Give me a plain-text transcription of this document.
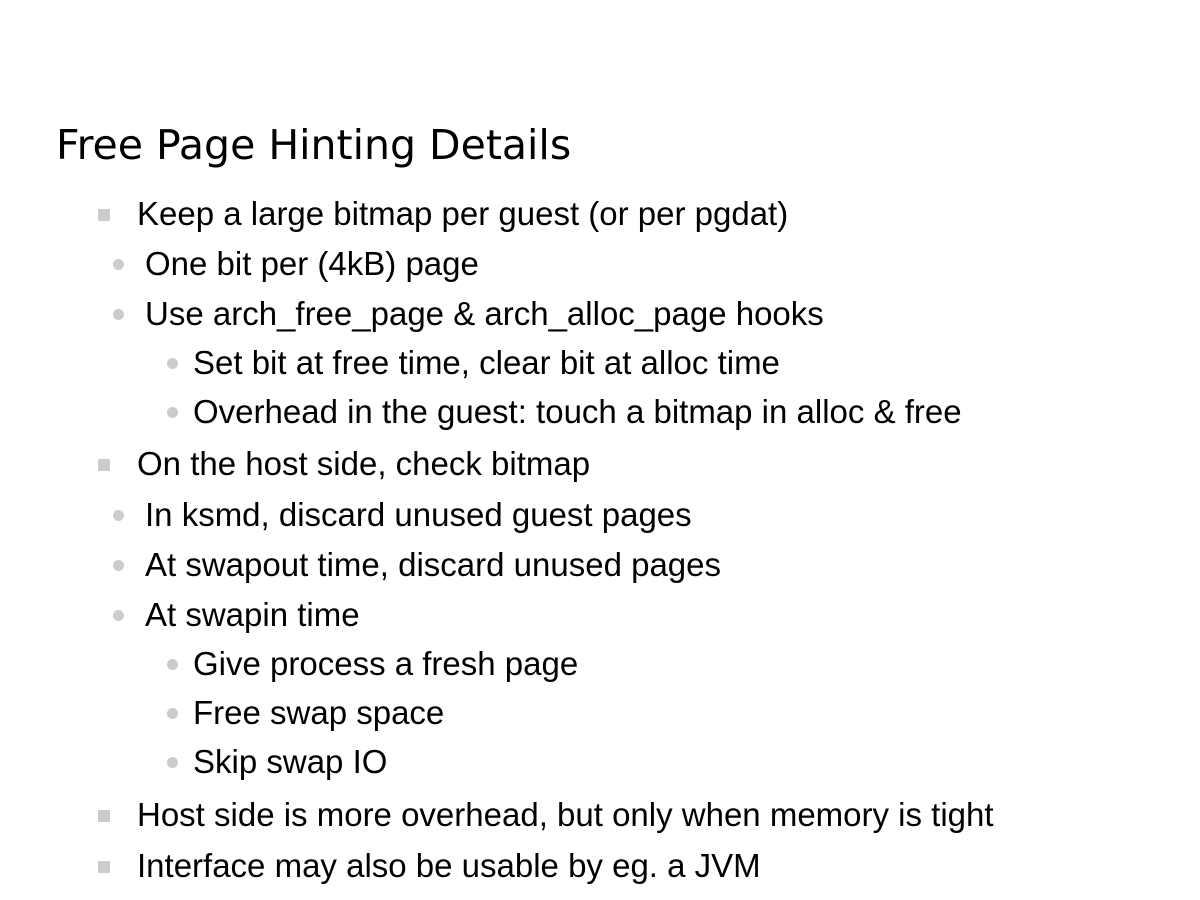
Free Page Hinting Details
Keep a large bitmap per guest (or per pgdat)
One bit per (4kB) page
Use arch_free_page & arch_alloc_page hooks
Set bit at free time, clear bit at alloc time
Overhead in the guest: touch a bitmap in alloc & free
On the host side, check bitmap
In ksmd, discard unused guest pages
At swapout time, discard unused pages
At swapin time
Give process a fresh page
Free swap space
Skip swap IO
Host side is more overhead, but only when memory is tight
Interface may also be usable by eg. a JVM
